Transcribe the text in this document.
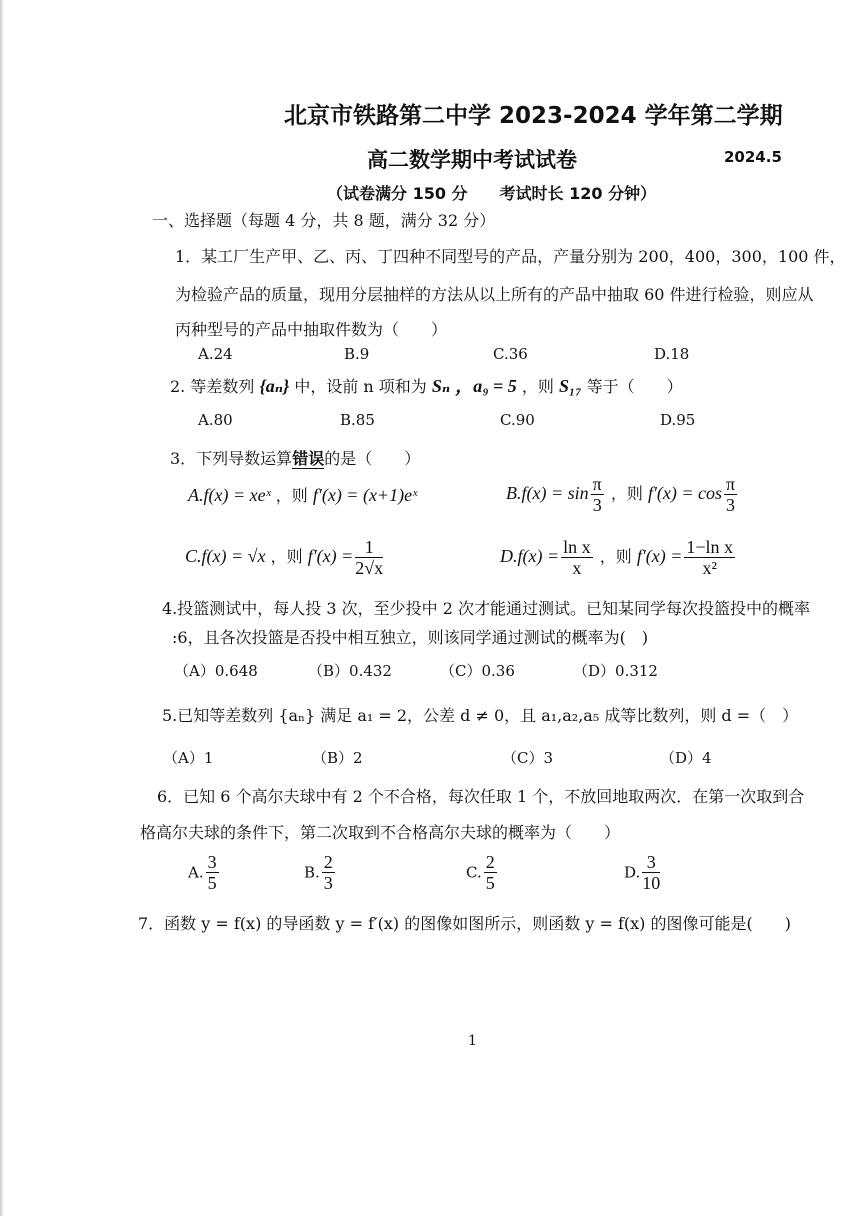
北京市铁路第二中学 2023-2024 学年第二学期
高二数学期中考试试卷	2024.5
（试卷满分 150 分　　考试时长 120 分钟）
一、选择题（每题 4 分，共 8 题，满分 32 分）
1．某工厂生产甲、乙、丙、丁四种不同型号的产品，产量分别为 200，400，300，100 件，
为检验产品的质量，现用分层抽样的方法从以上所有的产品中抽取 60 件进行检验，则应从
丙种型号的产品中抽取件数为（　　）
A.24	B.9	C.36	D.18
2. 等差数列 {aₙ} 中，设前 n 项和为 Sₙ ，a₉ = 5 ，则 S₁₇ 等于（　　）
A.80	B.85	C.90	D.95
3．下列导数运算错误的是（　　）
A.f(x) = xeˣ ，则 f′(x) = (x+1)eˣ	$B.f(x) = \sin \frac{\pi}{3}$ ，则 $f'(x) = \cos \frac{\pi}{3}$
C.f(x) = √x ，则 $f'(x) = \frac{1}{2√x}$	$D.f(x) = \frac{\text{ln x}}{x}$ ，则 $f'(x) = \frac{\text{1−ln x}}{\text{x²}}$
4.投篮测试中，每人投 3 次，至少投中 2 次才能通过测试。已知某同学每次投篮投中的概率
:6，且各次投篮是否投中相互独立，则该同学通过测试的概率为(　)
（A）0.648	（B）0.432	（C）0.36	（D）0.312
5.已知等差数列 {aₙ} 满足 a₁ = 2，公差 d ≠ 0，且 a₁,a₂,a₅ 成等比数列，则 d =（　）
（A）1	（B）2	（C）3	（D）4
6．已知 6 个高尔夫球中有 2 个不合格，每次任取 1 个，不放回地取两次．在第一次取到合
格高尔夫球的条件下，第二次取到不合格高尔夫球的概率为（　　）
A. $\frac{3}{5}$	B. $\frac{2}{3}$	C. $\frac{2}{5}$	D. $\frac{3}{10}$
7．函数 y = f(x) 的导函数 y = f′(x) 的图像如图所示，则函数 y = f(x) 的图像可能是(　　)
1
